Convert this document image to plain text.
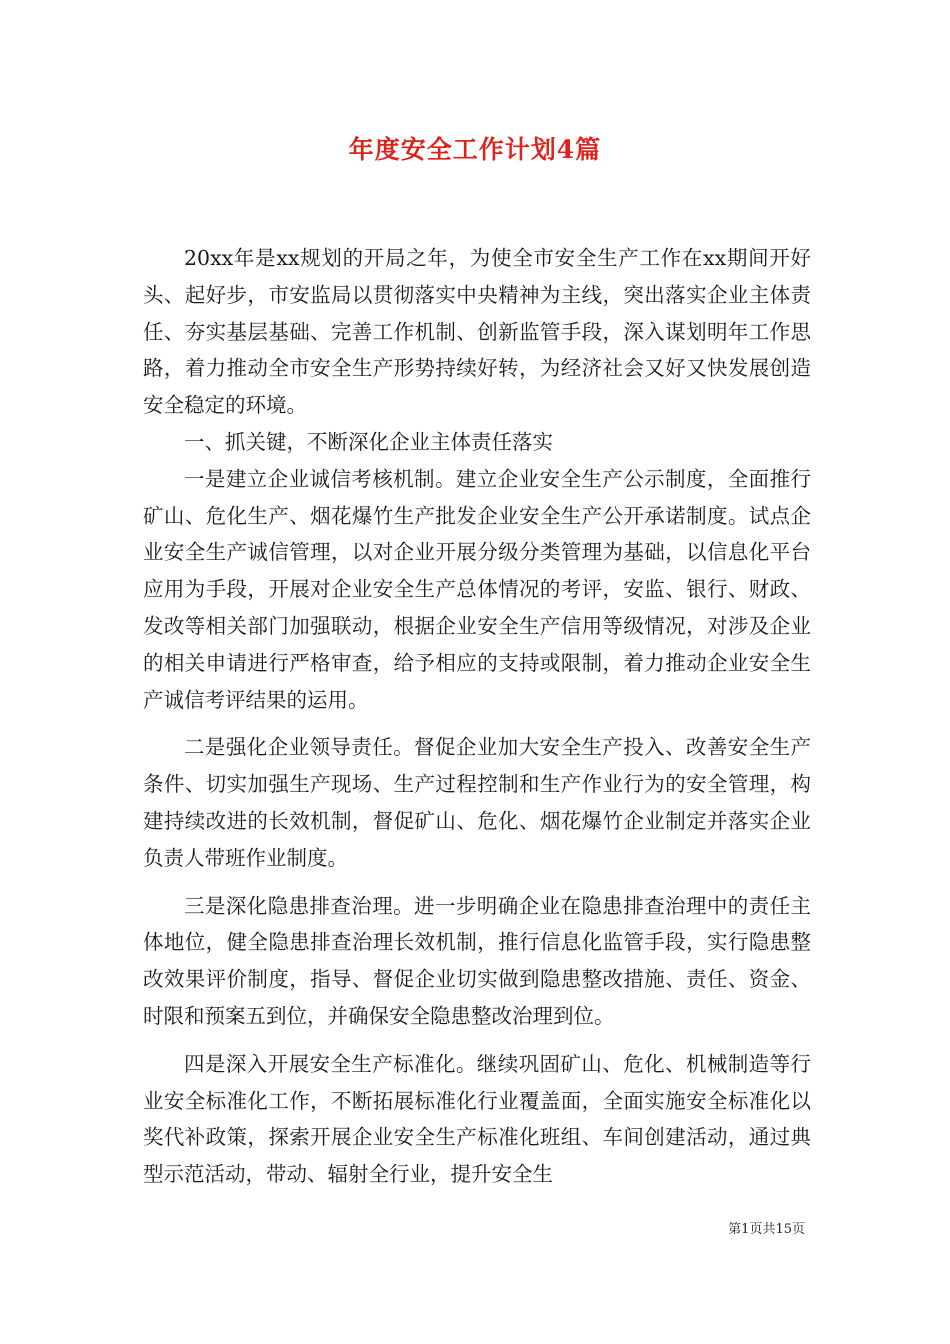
年度安全工作计划4篇

20xx年是xx规划的开局之年，为使全市安全生产工作在xx期间开好头、起好步，市安监局以贯彻落实中央精神为主线，突出落实企业主体责任、夯实基层基础、完善工作机制、创新监管手段，深入谋划明年工作思路，着力推动全市安全生产形势持续好转，为经济社会又好又快发展创造安全稳定的环境。

一、抓关键，不断深化企业主体责任落实

一是建立企业诚信考核机制。建立企业安全生产公示制度，全面推行矿山、危化生产、烟花爆竹生产批发企业安全生产公开承诺制度。试点企业安全生产诚信管理，以对企业开展分级分类管理为基础，以信息化平台应用为手段，开展对企业安全生产总体情况的考评，安监、银行、财政、发改等相关部门加强联动，根据企业安全生产信用等级情况，对涉及企业的相关申请进行严格审查，给予相应的支持或限制，着力推动企业安全生产诚信考评结果的运用。

二是强化企业领导责任。督促企业加大安全生产投入、改善安全生产条件、切实加强生产现场、生产过程控制和生产作业行为的安全管理，构建持续改进的长效机制，督促矿山、危化、烟花爆竹企业制定并落实企业负责人带班作业制度。

三是深化隐患排查治理。进一步明确企业在隐患排查治理中的责任主体地位，健全隐患排查治理长效机制，推行信息化监管手段，实行隐患整改效果评价制度，指导、督促企业切实做到隐患整改措施、责任、资金、时限和预案五到位，并确保安全隐患整改治理到位。

四是深入开展安全生产标准化。继续巩固矿山、危化、机械制造等行业安全标准化工作，不断拓展标准化行业覆盖面，全面实施安全标准化以奖代补政策，探索开展企业安全生产标准化班组、车间创建活动，通过典型示范活动，带动、辐射全行业，提升安全生

第1页共15页
